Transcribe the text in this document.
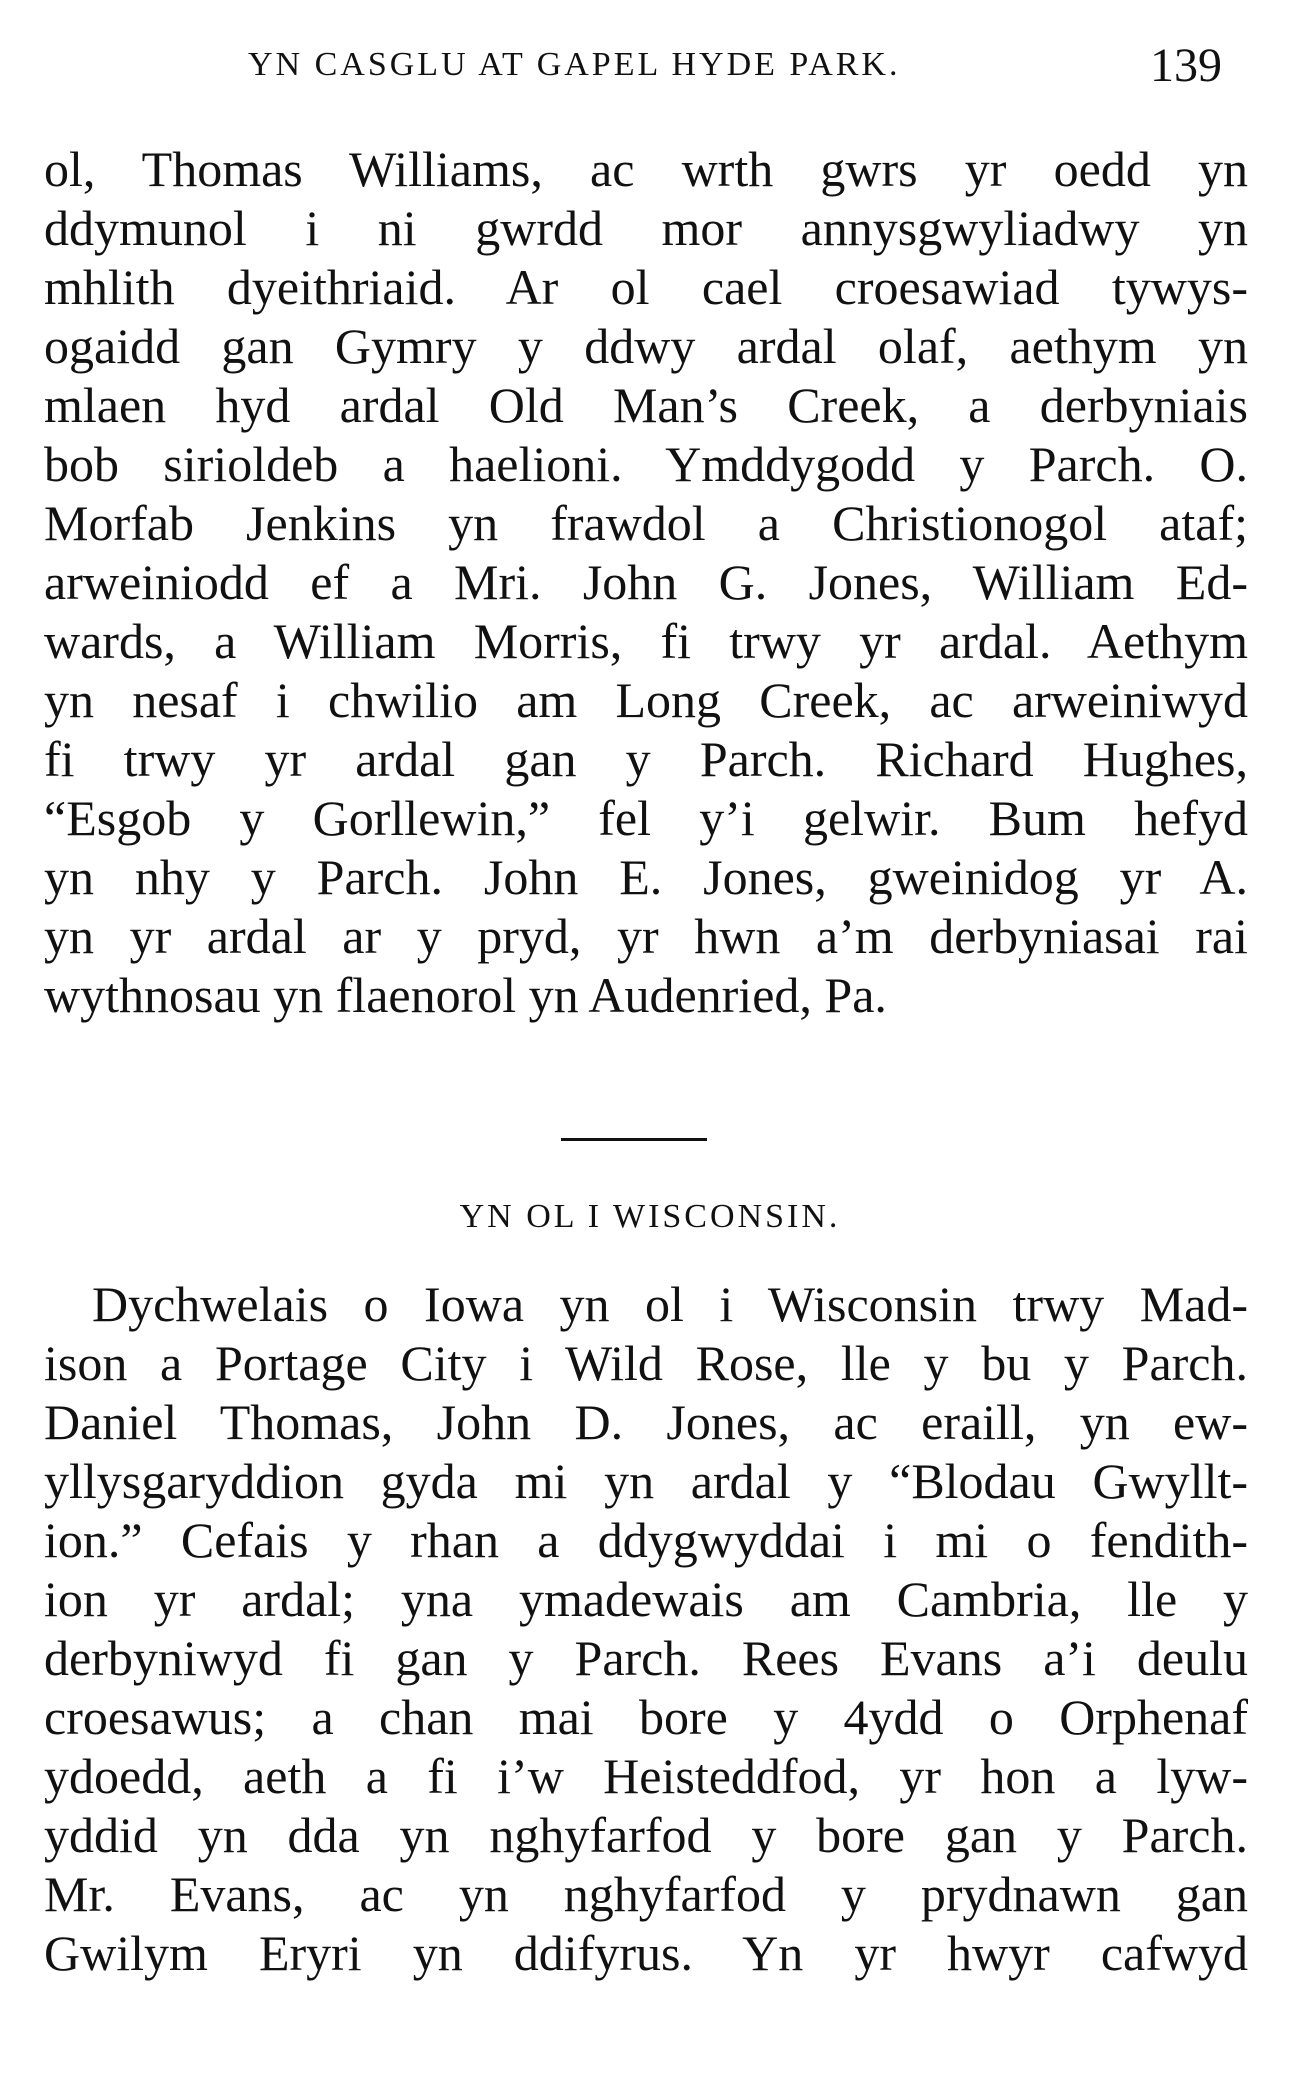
YN CASGLU AT GAPEL HYDE PARK.	139
ol, Thomas Williams, ac wrth gwrs yr oedd yn
ddymunol i ni gwrdd mor annysgwyliadwy yn
mhlith dyeithriaid. Ar ol cael croesawiad tywys-
ogaidd gan Gymry y ddwy ardal olaf, aethym yn
mlaen hyd ardal Old Man’s Creek, a derbyniais
bob sirioldeb a haelioni. Ymddygodd y Parch. O.
Morfab Jenkins yn frawdol a Christionogol ataf;
arweiniodd ef a Mri. John G. Jones, William Ed-
wards, a William Morris, fi trwy yr ardal. Aethym
yn nesaf i chwilio am Long Creek, ac arweiniwyd
fi trwy yr ardal gan y Parch. Richard Hughes,
“Esgob y Gorllewin,” fel y’i gelwir. Bum hefyd
yn nhy y Parch. John E. Jones, gweinidog yr A.
yn yr ardal ar y pryd, yr hwn a’m derbyniasai rai
wythnosau yn flaenorol yn Audenried, Pa.
YN OL I WISCONSIN.
Dychwelais o Iowa yn ol i Wisconsin trwy Mad-
ison a Portage City i Wild Rose, lle y bu y Parch.
Daniel Thomas, John D. Jones, ac eraill, yn ew-
yllysgaryddion gyda mi yn ardal y “Blodau Gwyllt-
ion.” Cefais y rhan a ddygwyddai i mi o fendith-
ion yr ardal; yna ymadewais am Cambria, lle y
derbyniwyd fi gan y Parch. Rees Evans a’i deulu
croesawus; a chan mai bore y 4ydd o Orphenaf
ydoedd, aeth a fi i’w Heisteddfod, yr hon a lyw-
yddid yn dda yn nghyfarfod y bore gan y Parch.
Mr. Evans, ac yn nghyfarfod y prydnawn gan
Gwilym Eryri yn ddifyrus. Yn yr hwyr cafwyd
